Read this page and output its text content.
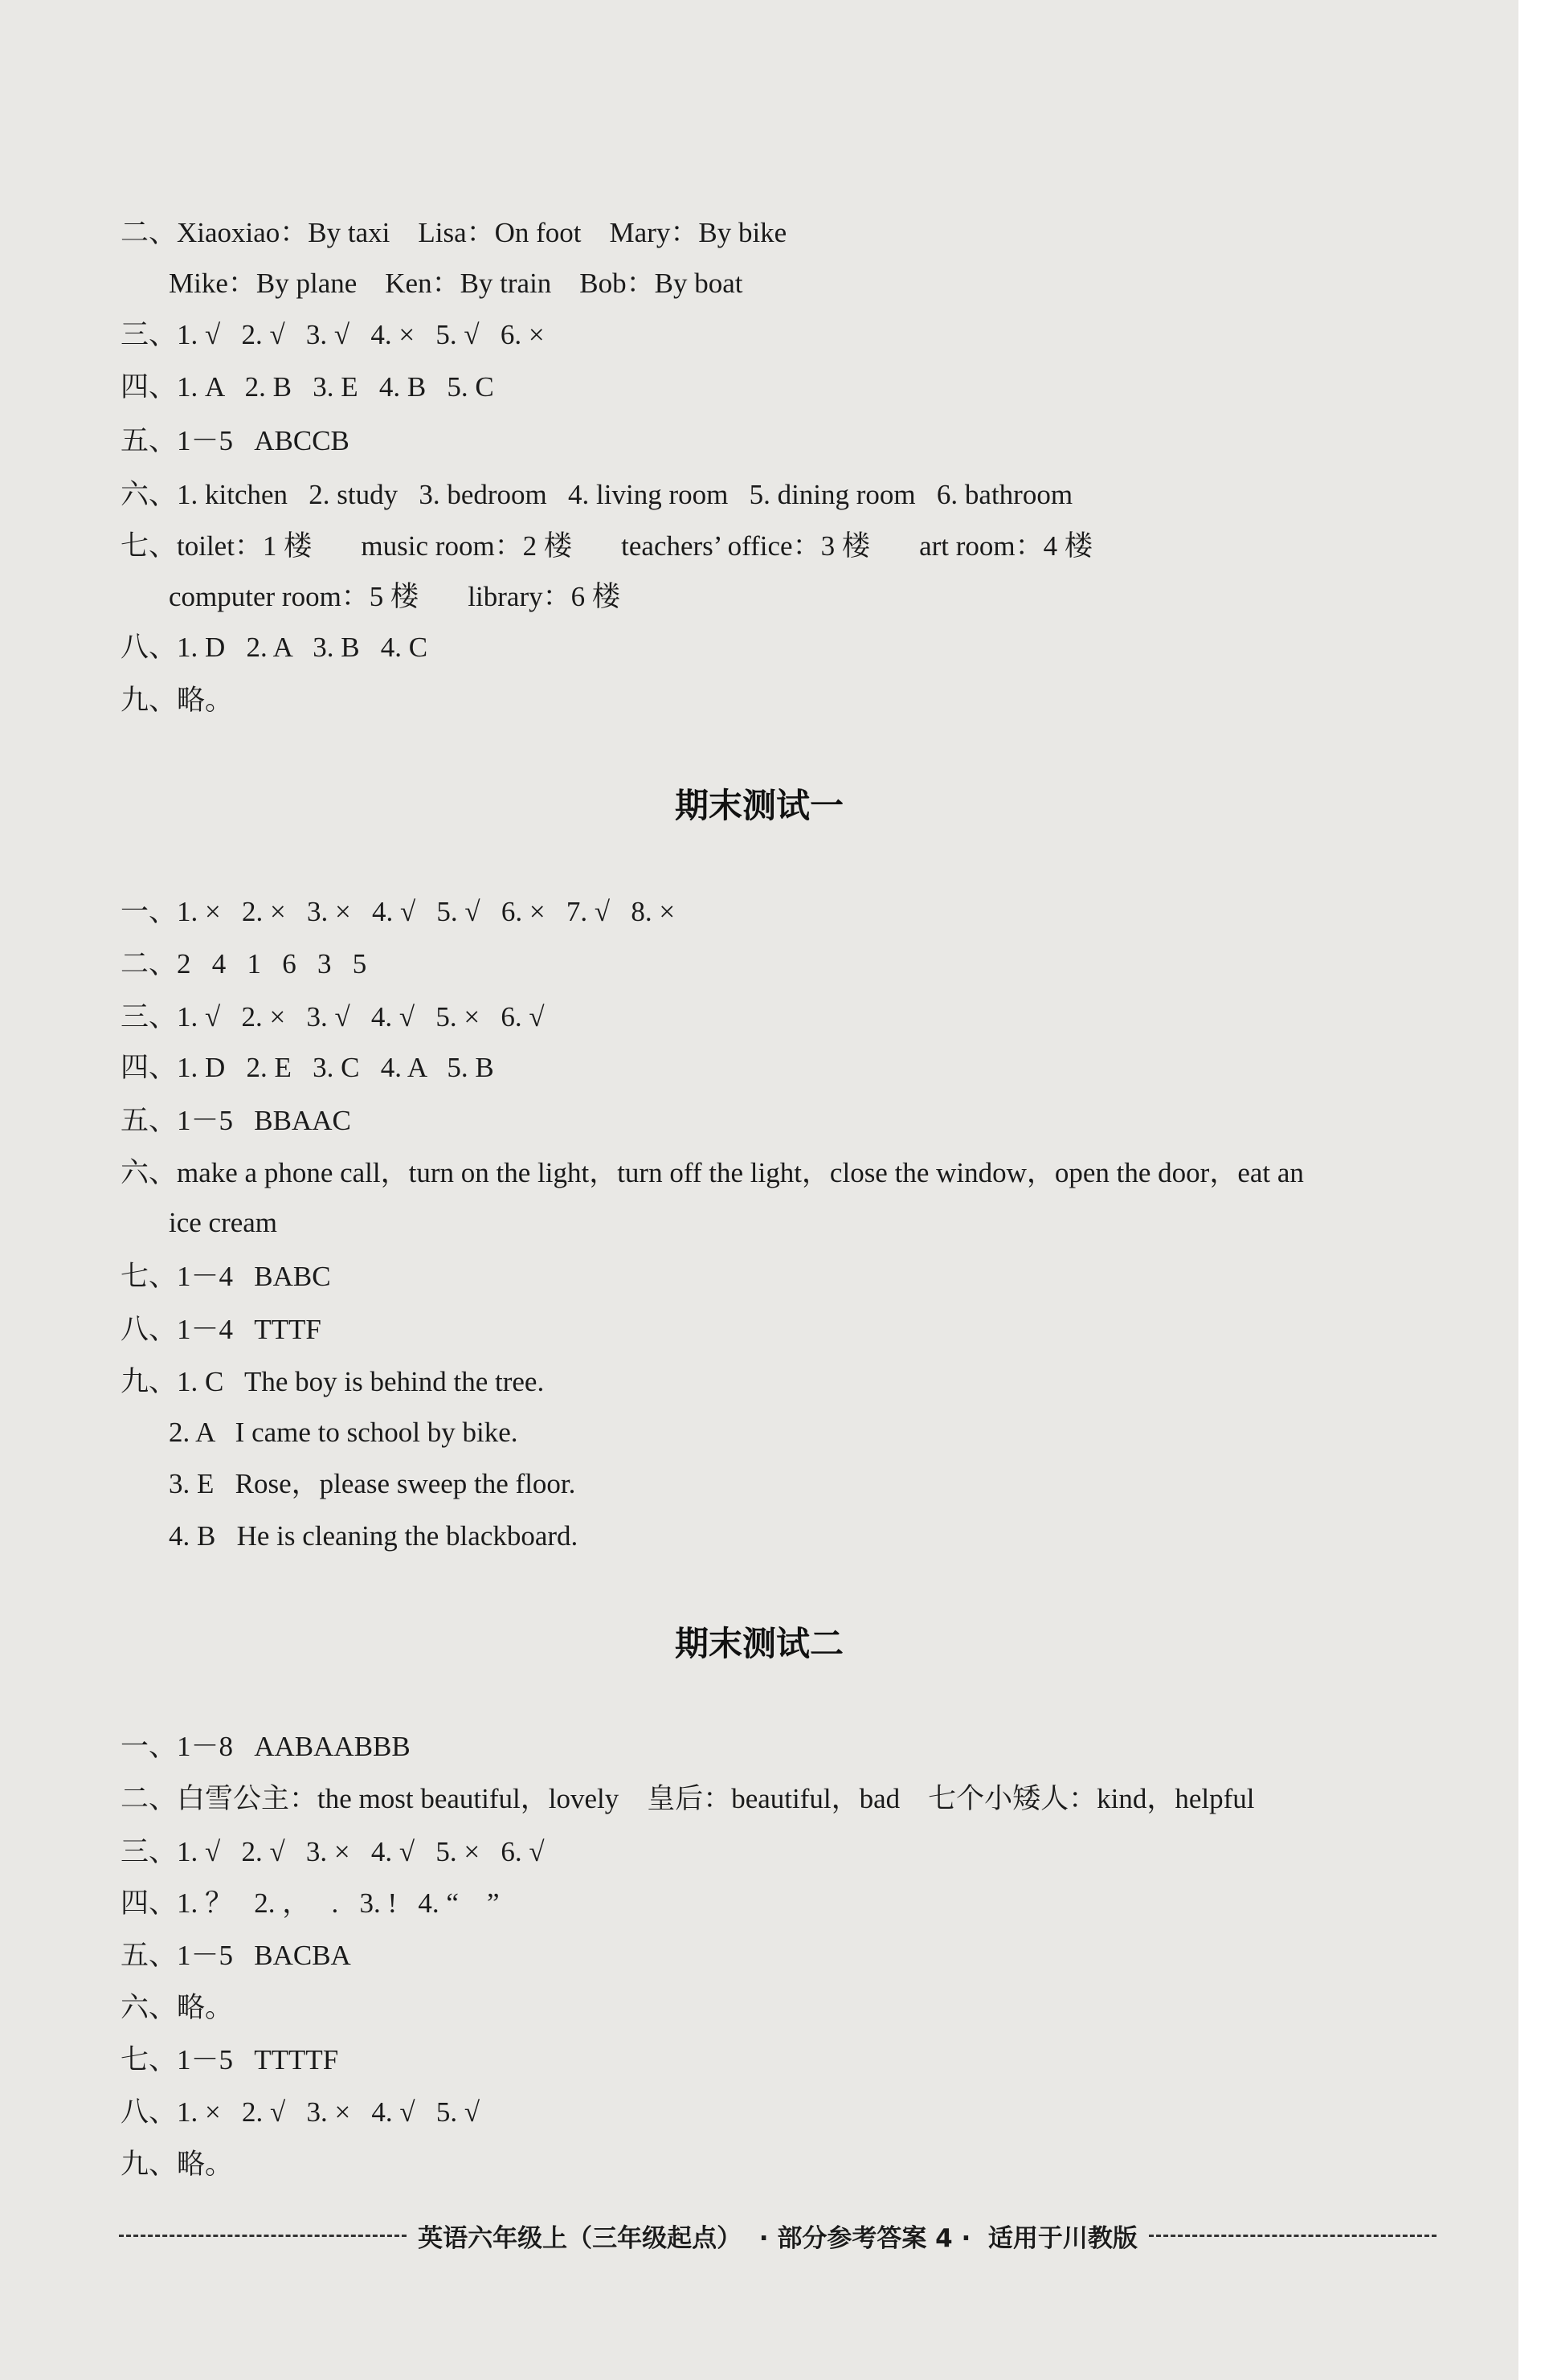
二、Xiaoxiao：By taxi    Lisa：On foot    Mary：By bike
Mike：By plane    Ken：By train    Bob：By boat
三、1. √   2. √   3. √   4. ×   5. √   6. ×
四、1. A   2. B   3. E   4. B   5. C
五、1－5   ABCCB
六、1. kitchen   2. study   3. bedroom   4. living room   5. dining room   6. bathroom
七、toilet：1 楼       music room：2 楼       teachers’ office：3 楼       art room：4 楼
computer room：5 楼       library：6 楼
八、1. D   2. A   3. B   4. C
九、略。
期末测试一
一、1. ×   2. ×   3. ×   4. √   5. √   6. ×   7. √   8. ×
二、2   4   1   6   3   5
三、1. √   2. ×   3. √   4. √   5. ×   6. √
四、1. D   2. E   3. C   4. A   5. B
五、1－5   BBAAC
六、make a phone call，turn on the light，turn off the light，close the window，open the door，eat an
ice cream
七、1－4   BABC
八、1－4   TTTF
九、1. C   The boy is behind the tree.
2. A   I came to school by bike.
3. E   Rose，please sweep the floor.
4. B   He is cleaning the blackboard.
期末测试二
一、1－8   AABAABBB
二、白雪公主：the most beautiful，lovely    皇后：beautiful，bad    七个小矮人：kind，helpful
三、1. √   2. √   3. ×   4. √   5. ×   6. √
四、1. ？   2. ，   .   3. !   4. “    ”
五、1－5   BACBA
六、略。
七、1－5   TTTTF
八、1. ×   2. √   3. ×   4. √   5. √
九、略。
英语六年级上（三年级起点）  · 部分参考答案 4 ·  适用于川教版
